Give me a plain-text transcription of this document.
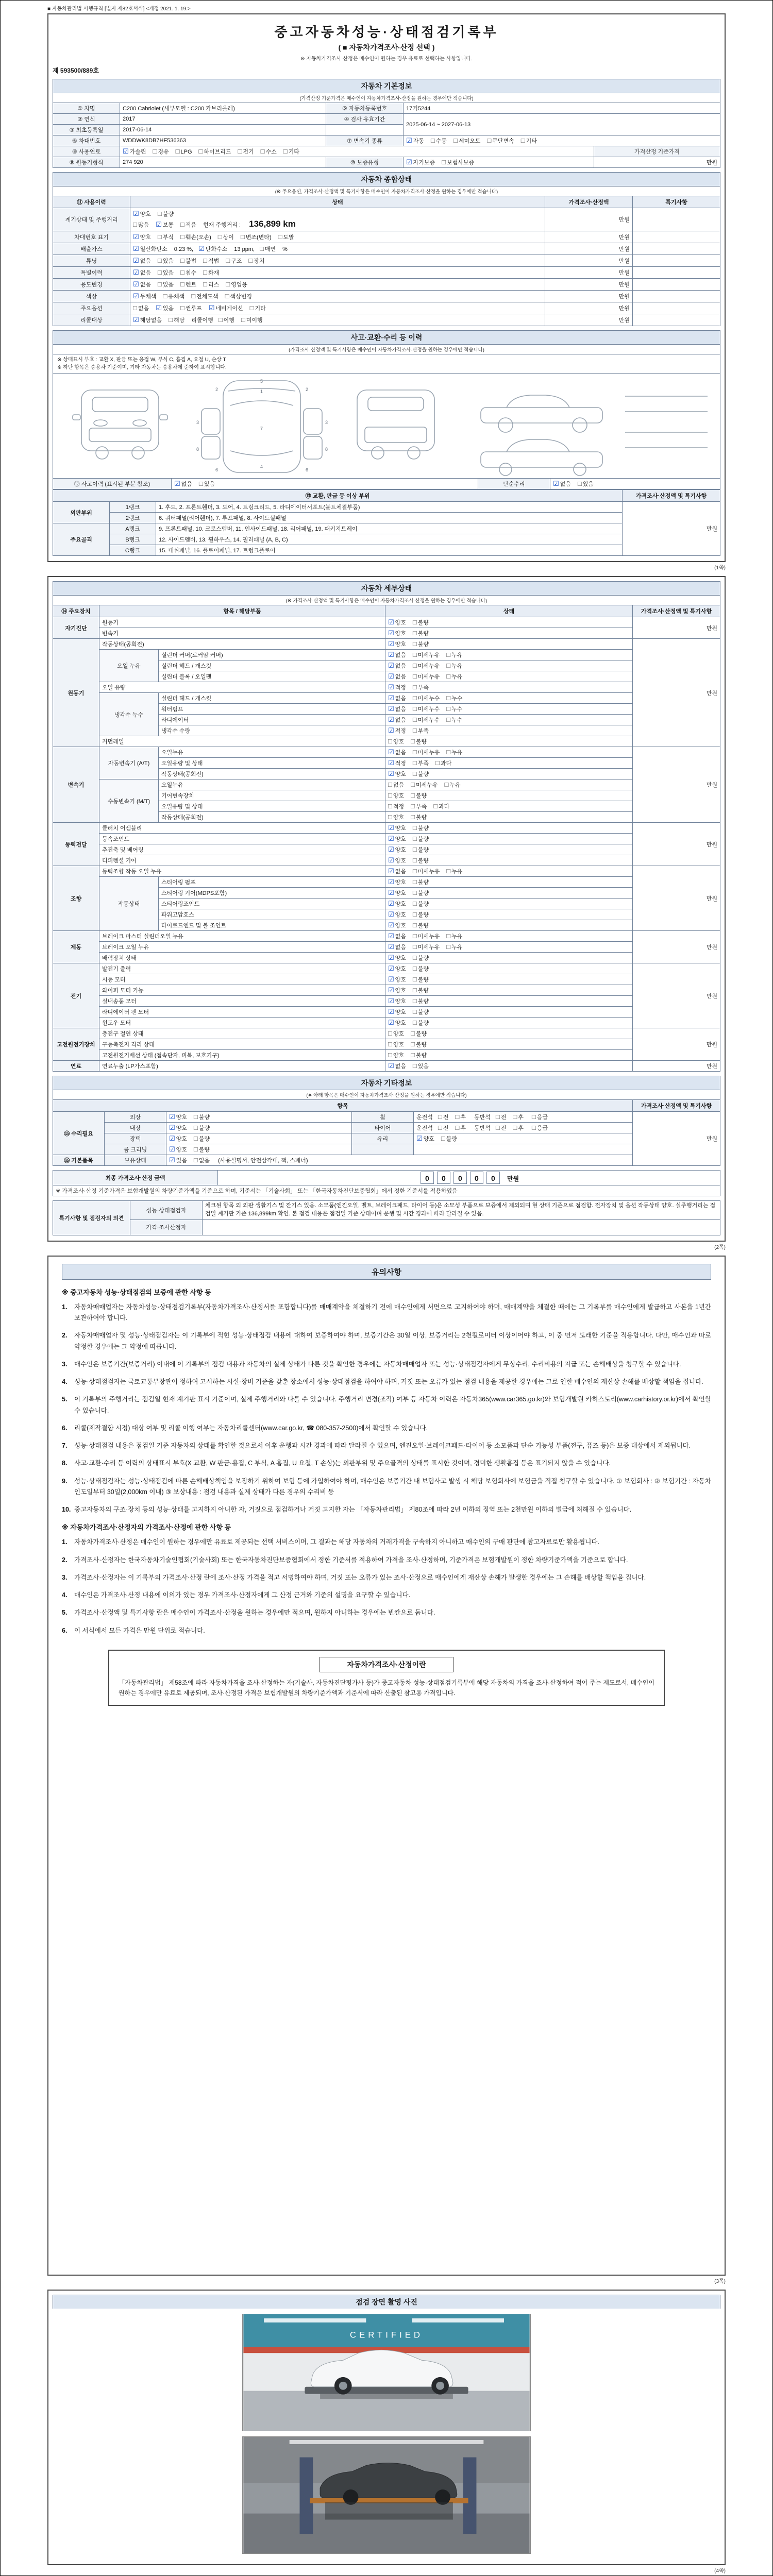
■ 자동차관리법 시행규칙 [별지 제82호서식] <개정 2021. 1. 19.>
중고자동차성능·상태점검기록부
( ■ 자동차가격조사·산정 선택 )
※ 자동차가격조사·산정은 매수인이 원하는 경우 유료로 선택하는 사항입니다.
제 593500/889호
자동차 기본정보
(가격산정 기준가격은 매수인이 자동차가격조사·산정을 원하는 경우에만 적습니다)
① 차명	C200 Cabriolet (세부모델 : C200 카브리올레)	⑤ 자동차등록번호	17거5244	
② 연식	2017	④ 검사 유효기간	2025-06-14 ~ 2027-06-13	
③ 최초등록일	2017-06-14			
⑥ 차대번호	WDDWK8DB7HF536363	⑦ 변속기 종류	☑ 자동 □ 수동 □ 세미오토 □ 무단변속 □ 기타	
⑧ 사용연료	☑ 가솔린 □ 경유 □ LPG □ 하이브리드 □ 전기 □ 수소 □ 기타			가격산정 기준가격
⑨ 원동기형식	274 920	⑩ 보증유형	☑ 자기보증 □ 보험사보증	만원
자동차 종합상태
(※ 주요옵션, 가격조사·산정액 및 특기사항은 매수인이 자동차가격조사·산정을 원하는 경우에만 적습니다)
⑪ 사용이력	상태	가격조사·산정액	특기사항
계기상태 및 주행거리	☑ 양호 □ 불량
□ 많음 ☑ 보통 □ 적음 현재 주행거리 : 136,899 km	만원	
차대번호 표기	☑ 양호 □ 부식 □ 훼손(오손) □ 상이 □ 변조(변타) □ 도말	만원	
배출가스	☑ 일산화탄소 0.23 %, ☑ 탄화수소 13 ppm, □ 매연 %	만원	
튜닝	☑ 없음 □ 있음 □ 불법 □ 적법 □ 구조 □ 장치	만원	
특별이력	☑ 없음 □ 있음 □ 침수 □ 화재	만원	
용도변경	☑ 없음 □ 있음 □ 렌트 □ 리스 □ 영업용	만원	
색상	☑ 무채색 □ 유채색 □ 전체도색 □ 색상변경	만원	
주요옵션	□ 없음 ☑ 있음 □ 썬루프 ☑ 네비게이션 □ 기타	만원	
리콜대상	☑ 해당없음 □ 해당 리콜이행 □ 이행 □ 미이행	만원	
사고·교환·수리 등 이력
(가격조사·산정액 및 특기사항은 매수인이 자동차가격조사·산정을 원하는 경우에만 적습니다)
※ 상태표시 부호 : 교환 X, 판금 또는 용접 W, 부식 C, 흠집 A, 요철 U, 손상 T
※ 하단 항목은 승용차 기준이며, 기타 자동차는 승용차에 준하여 표시합니다.
1
2	2
3	3
4
5
6	6
7
8	8
⑫ 사고이력 (표시된 부분 참조)	☑ 없음 □ 있음	단순수리	☑ 없음 □ 있음
⑬ 교환, 판금 등 이상 부위			가격조사·산정액 및 특기사항
외판부위	1랭크	1. 후드, 2. 프론트휀더, 3. 도어, 4. 트렁크리드, 5. 라디에이터서포트(볼트체결부품)	만원
	2랭크	6. 쿼터패널(리어휀더), 7. 루프패널, 8. 사이드실패널	
주요골격	A랭크	9. 프론트패널, 10. 크로스멤버, 11. 인사이드패널, 18. 리어패널, 19. 패키지트레이	
	B랭크	12. 사이드멤버, 13. 휠하우스, 14. 필러패널 (A, B, C)	
	C랭크	15. 대쉬패널, 16. 플로어패널, 17. 트렁크플로어	
(1쪽)
자동차 세부상태
(※ 가격조사·산정액 및 특기사항은 매수인이 자동차가격조사·산정을 원하는 경우에만 적습니다)
⑭ 주요장치	항목 / 해당부품		상태	가격조사·산정액 및 특기사항
자기진단	원동기		☑ 양호 □ 불량	만원
	변속기		☑ 양호 □ 불량	
원동기	작동상태(공회전)		☑ 양호 □ 불량	만원
	오일 누유	실린더 커버(로커암 커버)	☑ 없음 □ 미세누유 □ 누유	
		실린더 헤드 / 개스킷	☑ 없음 □ 미세누유 □ 누유	
		실린더 블록 / 오일팬	☑ 없음 □ 미세누유 □ 누유	
	오일 유량		☑ 적정 □ 부족	
	냉각수 누수	실린더 헤드 / 개스킷	☑ 없음 □ 미세누수 □ 누수	
		워터펌프	☑ 없음 □ 미세누수 □ 누수	
		라디에이터	☑ 없음 □ 미세누수 □ 누수	
		냉각수 수량	☑ 적정 □ 부족	
	커먼레일		□ 양호 □ 불량	
변속기	자동변속기 (A/T)	오일누유	☑ 없음 □ 미세누유 □ 누유	만원
		오일유량 및 상태	☑ 적정 □ 부족 □ 과다	
		작동상태(공회전)	☑ 양호 □ 불량	
	수동변속기 (M/T)	오일누유	□ 없음 □ 미세누유 □ 누유	
		기어변속장치	□ 양호 □ 불량	
		오일유량 및 상태	□ 적정 □ 부족 □ 과다	
		작동상태(공회전)	□ 양호 □ 불량	
동력전달	클러치 어셈블리		☑ 양호 □ 불량	만원
	등속조인트		☑ 양호 □ 불량	
	추진축 및 베어링		☑ 양호 □ 불량	
	디퍼렌셜 기어		☑ 양호 □ 불량	
조향	동력조향 작동 오일 누유		☑ 없음 □ 미세누유 □ 누유	만원
	작동상태	스티어링 펌프	☑ 양호 □ 불량	
		스티어링 기어(MDPS포함)	☑ 양호 □ 불량	
		스티어링조인트	☑ 양호 □ 불량	
		파워고압호스	☑ 양호 □ 불량	
		타이로드엔드 및 볼 조인트	☑ 양호 □ 불량	
제동	브레이크 마스터 실린더오일 누유		☑ 없음 □ 미세누유 □ 누유	만원
	브레이크 오일 누유		☑ 없음 □ 미세누유 □ 누유	
	배력장치 상태		☑ 양호 □ 불량	
전기	발전기 출력		☑ 양호 □ 불량	만원
	시동 모터		☑ 양호 □ 불량	
	와이퍼 모터 기능		☑ 양호 □ 불량	
	실내송풍 모터		☑ 양호 □ 불량	
	라디에이터 팬 모터		☑ 양호 □ 불량	
	윈도우 모터		☑ 양호 □ 불량	
고전원전기장치	충전구 절연 상태		□ 양호 □ 불량	만원
	구동축전지 격리 상태		□ 양호 □ 불량	
	고전원전기배선 상태 (접속단자, 피복, 보호기구)		□ 양호 □ 불량	
연료	연료누출 (LP가스포함)		☑ 없음 □ 있음	만원
자동차 기타정보
(※ 아래 항목은 매수인이 자동차가격조사·산정을 원하는 경우에만 적습니다)
항목					가격조사·산정액 및 특기사항
⑮ 수리필요	외장	☑ 양호 □ 불량	휠	운전석 □ 전 □ 후 동반석 □ 전 □ 후 □ 응급	만원
	내장	☑ 양호 □ 불량	타이어	운전석 □ 전 □ 후 동반석 □ 전 □ 후 □ 응급	
	광택	☑ 양호 □ 불량	유리	☑ 양호 □ 불량	
	룸 크리닝	☑ 양호 □ 불량			
⑯ 기본품목	보유상태	☑ 있음 □ 없음 (사용설명서, 안전삼각대, 잭, 스패너)			
최종 가격조사·산정 금액	0 0 0 0 0 만원
※ 가격조사·산정 기준가격은 보험개발원의 차량기준가액을 기준으로 하며, 기준서는 「기술사회」 또는 「한국자동차진단보증협회」에서 정한 기준서를 적용하였음
특기사항 및 점검자의 의견	성능·상태점검자	체크된 항목 외 외판 생활기스 및 잔기스 있음. 소모품(엔진오일, 벨트, 브레이크패드, 타이어 등)은 소모성 부품으로 보증에서 제외되며 현 상태 기준으로 점검함. 전자장치 및 옵션 작동상태 양호. 실주행거리는 점검일 계기판 기준 136,899km 확인. 본 점검 내용은 점검일 기준 상태이며 운행 및 시간 경과에 따라 달라질 수 있음.
	가격·조사산정자	
(2쪽)
유의사항
※ 중고자동차 성능·상태점검의 보증에 관한 사항 등
1.	자동차매매업자는 자동차성능·상태점검기록부(자동차가격조사·산정서를 포함합니다)를 매매계약을 체결하기 전에 매수인에게 서면으로 고지하여야 하며, 매매계약을 체결한 때에는 그 기록부를 매수인에게 발급하고 사본을 1년간 보관하여야 합니다.
2.	자동차매매업자 및 성능·상태점검자는 이 기록부에 적힌 성능·상태점검 내용에 대하여 보증하여야 하며, 보증기간은 30일 이상, 보증거리는 2천킬로미터 이상이어야 하고, 이 중 먼저 도래한 기준을 적용합니다. 다만, 매수인과 따로 약정한 경우에는 그 약정에 따릅니다.
3.	매수인은 보증기간(보증거리) 이내에 이 기록부의 점검 내용과 자동차의 실제 상태가 다른 것을 확인한 경우에는 자동차매매업자 또는 성능·상태점검자에게 무상수리, 수리비용의 지급 또는 손해배상을 청구할 수 있습니다.
4.	성능·상태점검자는 국토교통부장관이 정하여 고시하는 시설·장비 기준을 갖춘 장소에서 성능·상태점검을 하여야 하며, 거짓 또는 오류가 있는 점검 내용을 제공한 경우에는 그로 인한 매수인의 재산상 손해를 배상할 책임을 집니다.
5.	이 기록부의 주행거리는 점검일 현재 계기판 표시 기준이며, 실제 주행거리와 다를 수 있습니다. 주행거리 변경(조작) 여부 등 자동차 이력은 자동차365(www.car365.go.kr)와 보험개발원 카히스토리(www.carhistory.or.kr)에서 확인할 수 있습니다.
6.	리콜(제작결함 시정) 대상 여부 및 리콜 이행 여부는 자동차리콜센터(www.car.go.kr, ☎ 080-357-2500)에서 확인할 수 있습니다.
7.	성능·상태점검 내용은 점검일 기준 자동차의 상태를 확인한 것으로서 이후 운행과 시간 경과에 따라 달라질 수 있으며, 엔진오일·브레이크패드·타이어 등 소모품과 단순 기능성 부품(전구, 퓨즈 등)은 보증 대상에서 제외됩니다.
8.	사고·교환·수리 등 이력의 상태표시 부호(X 교환, W 판금·용접, C 부식, A 흠집, U 요철, T 손상)는 외판부위 및 주요골격의 상태를 표시한 것이며, 경미한 생활흠집 등은 표기되지 않을 수 있습니다.
9.	성능·상태점검자는 성능·상태점검에 따른 손해배상책임을 보장하기 위하여 보험 등에 가입하여야 하며, 매수인은 보증기간 내 보험사고 발생 시 해당 보험회사에 보험금을 직접 청구할 수 있습니다. ① 보험회사 : ② 보험기간 : 자동차 인도일부터 30일(2,000km 이내) ③ 보상내용 : 점검 내용과 실제 상태가 다른 경우의 수리비 등
10. 중고자동차의 구조·장치 등의 성능·상태를 고지하지 아니한 자, 거짓으로 점검하거나 거짓 고지한 자는 「자동차관리법」 제80조에 따라 2년 이하의 징역 또는 2천만원 이하의 벌금에 처해질 수 있습니다.
※ 자동차가격조사·산정자의 가격조사·산정에 관한 사항 등
1.	자동차가격조사·산정은 매수인이 원하는 경우에만 유료로 제공되는 선택 서비스이며, 그 결과는 해당 자동차의 거래가격을 구속하지 아니하고 매수인의 구매 판단에 참고자료로만 활용됩니다.
2.	가격조사·산정자는 한국자동차기술인협회(기술사회) 또는 한국자동차진단보증협회에서 정한 기준서를 적용하여 가격을 조사·산정하며, 기준가격은 보험개발원이 정한 차량기준가액을 기준으로 합니다.
3.	가격조사·산정자는 이 기록부의 가격조사·산정 란에 조사·산정 가격을 적고 서명하여야 하며, 거짓 또는 오류가 있는 조사·산정으로 매수인에게 재산상 손해가 발생한 경우에는 그 손해를 배상할 책임을 집니다.
4.	매수인은 가격조사·산정 내용에 이의가 있는 경우 가격조사·산정자에게 그 산정 근거와 기준의 설명을 요구할 수 있습니다.
5.	가격조사·산정액 및 특기사항 란은 매수인이 가격조사·산정을 원하는 경우에만 적으며, 원하지 아니하는 경우에는 빈칸으로 둡니다.
6.	이 서식에서 모든 가격은 만원 단위로 적습니다.
자동차가격조사·산정이란
「자동차관리법」 제58조에 따라 자동차가격을 조사·산정하는 자(기술사, 자동차진단평가사 등)가 중고자동차 성능·상태점검기록부에 해당 자동차의 가격을 조사·산정하여 적어 주는 제도로서, 매수인이 원하는 경우에만 유료로 제공되며, 조사·산정된 가격은 보험개발원의 차량기준가액과 기준서에 따라 산출된 참고용 가격입니다.
(3쪽)
점검 장면 촬영 사진
CERTIFIED
(4쪽)
